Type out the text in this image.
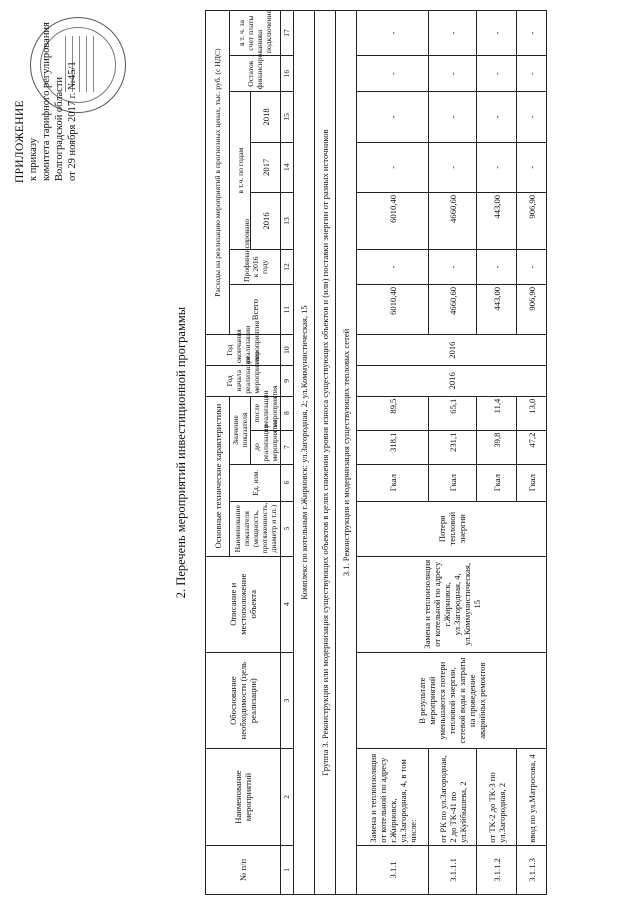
ПРИЛОЖЕНИЕ к приказу комитета тарифного регулирования Волгоградской области от 29 ноября 2017 г. №45/1
2. Перечень мероприятий инвестиционной программы
№ п/п	Наименование мероприятий	Обоснование необходимости (цель реализации)	Описание и местоположение объекта	Основные технические характеристики				Год начала реализации мероприятия	Год окончания реализации мероприятия	Расходы на реализацию мероприятий в прогнозных ценах, тыс. руб. (с НДС)						
				Наименование показателя (мощность, протяженность, диаметр и т.п.)	Ед. изм.	Значение показателя				Всего	Профинансировано к 2016 году	в т.ч. по годам			Остаток финансирования	в т. ч. за счет платы за подключение
						до реализации мероприятия	после реализации мероприятия					2016	2017	2018		

1	2	3	4	5	6	7	8	9	10	11	12	13	14	15	16	17
Комплекс по котельным г.Жирновск: ул.Загородная, 2; ул.Коммунистическая, 15																
Группа 3. Реконструкция или модернизация существующих объектов в целях снижения уровня износа существующих объектов и (или) поставки энергии от разных источников																
3.1. Реконструкция и модернизация существующих тепловых сетей																
3.1.1	Замена и теплоизоляция от котельной по адресу г.Жирновск, ул.Загородная, 4, в том числе:	В результате мероприятий уменьшаются потери тепловой энергии, сетевой воды и затраты на проведение аварийных ремонтов	Замена и теплоизоляция от котельной по адресу г.Жирновск, ул.Загородная, 4, ул.Коммунистическая, 15	Потери тепловой энергии	Гкал	318,1	89,5	2016	2016	6010,40	-	6010,40	-	-	-	-
3.1.1.1	от РК по ул.Загородная, 2 до ТК-41 по ул.Куйбышева, 2				Гкал	231,1	65,1			4660,60	-	4660,60	-	-	-	-
3.1.1.2	от ТК-2 до ТК-3 по ул.Загородная, 2				Гкал	39,8	11,4			443,00	-	443,00	-	-	-	-
3.1.1.3	ввод по ул.Матросова, 4				Гкал	47,2	13,0			906,90	-	906,90	-	-	-	-
